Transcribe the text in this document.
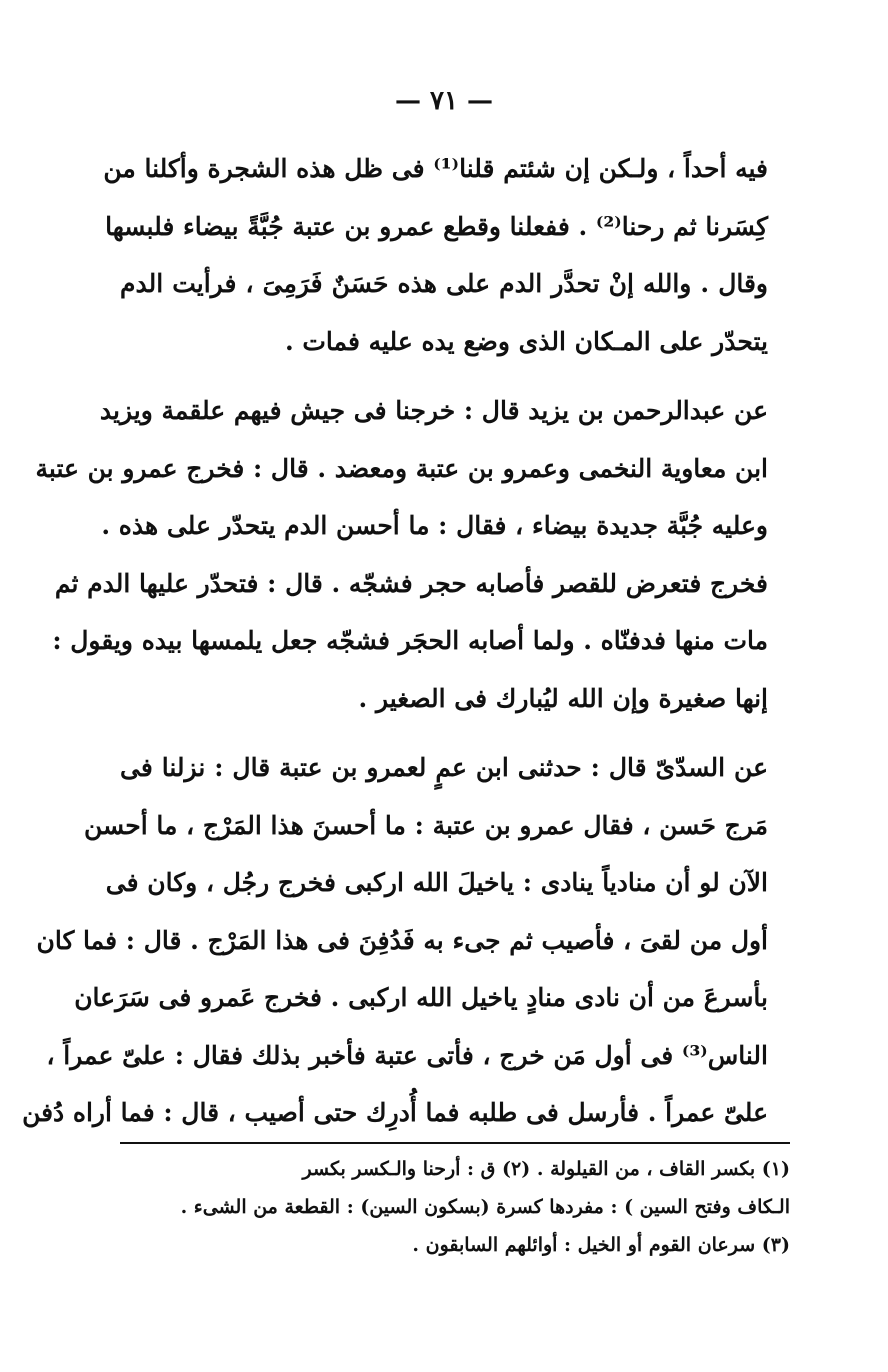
— ٧١ —

فيه أحداً ، ولـكن إن شئتم قلنا⁽¹⁾ فى ظل هذه الشجرة وأكلنا من
كِسَرنا ثم رحنا⁽²⁾ . ففعلنا وقطع عمرو بن عتبة جُبَّةً بيضاء فلبسها
وقال . والله إنْ تحدَّر الدم على هذه حَسَنٌ فَرَمِىَ ، فرأيت الدم
يتحدّر على المـكان الذى وضع يده عليه فمات .

عن عبدالرحمن بن يزيد قال : خرجنا فى جيش فيهم علقمة ويزيد
ابن معاوية النخمى وعمرو بن عتبة ومعضد . قال : فخرج عمرو بن عتبة
وعليه جُبَّة جديدة بيضاء ، فقال : ما أحسن الدم يتحدّر على هذه .
فخرج فتعرض للقصر فأصابه حجر فشجّه . قال : فتحدّر عليها الدم ثم
مات منها فدفنّاه . ولما أصابه الحجَر فشجّه جعل يلمسها بيده ويقول :
إنها صغيرة وإن الله ليُبارك فى الصغير .

عن السدّىّ قال : حدثنى ابن عمٍ لعمرو بن عتبة قال : نزلنا فى
مَرج حَسن ، فقال عمرو بن عتبة : ما أحسنَ هذا المَرْج ، ما أحسن
الآن لو أن منادياً ينادى : ياخيلَ الله اركبى فخرج رجُل ، وكان فى
أول من لقىَ ، فأصيب ثم جىء به فَدُفِنَ فى هذا المَرْج . قال : فما كان
بأسرعَ من أن نادى منادٍ ياخيل الله اركبى . فخرج عَمرو فى سَرَعان
الناس⁽³⁾ فى أول مَن خرج ، فأتى عتبة فأخبر بذلك فقال : علىّ عمراً ،
علىّ عمراً . فأرسل فى طلبه فما أُدرِك حتى أصيب ، قال : فما أراه دُفن

(١) بكسر القاف ، من القيلولة . (٢) ق : أرحنا والـكسر بكسر
الـكاف وفتح السين ) : مفردها كسرة (بسكون السين) : القطعة من الشىء .
(٣) سرعان القوم أو الخيل : أوائلهم السابقون .
